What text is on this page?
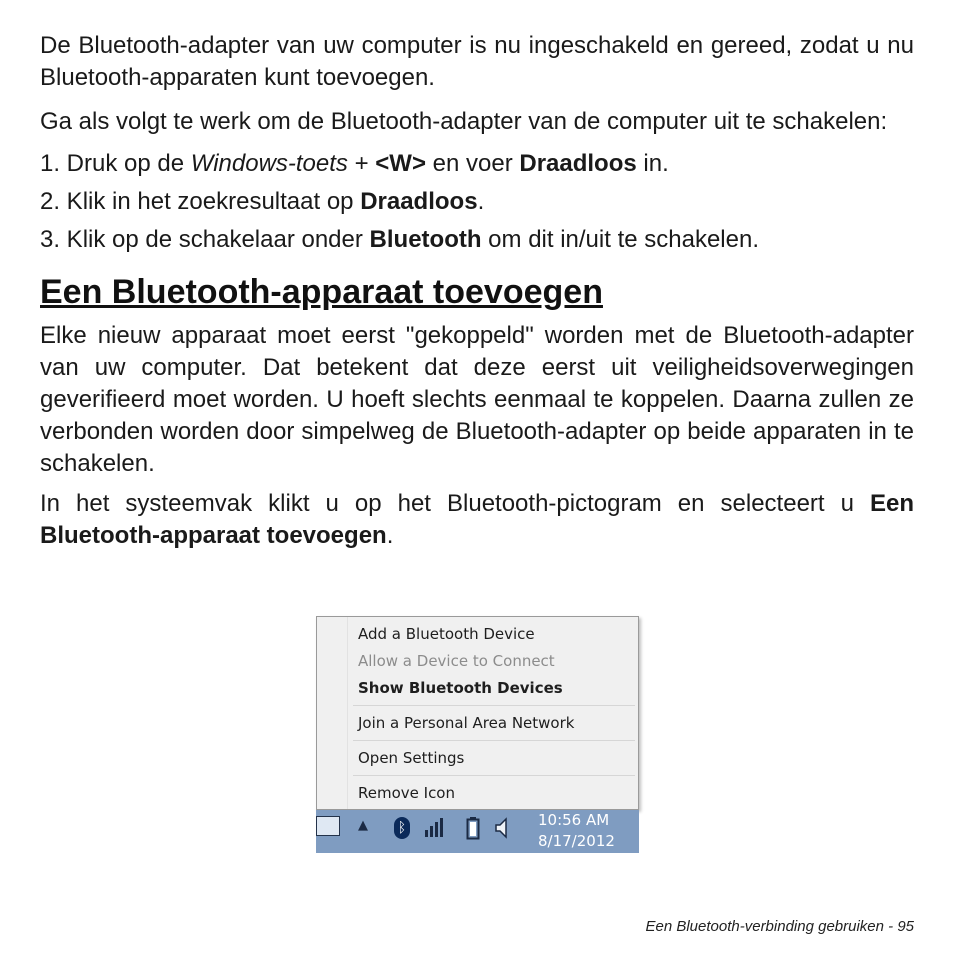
De Bluetooth-adapter van uw computer is nu ingeschakeld en gereed, zodat u nu Bluetooth-apparaten kunt toevoegen.

Ga als volgt te werk om de Bluetooth-adapter van de computer uit te schakelen:

1. Druk op de Windows-toets + <W> en voer Draadloos in.

2. Klik in het zoekresultaat op Draadloos.

3. Klik op de schakelaar onder Bluetooth om dit in/uit te schakelen.

Een Bluetooth-apparaat toevoegen

Elke nieuw apparaat moet eerst "gekoppeld" worden met de Bluetooth-adapter van uw computer. Dat betekent dat deze eerst uit veiligheidsoverwegingen geverifieerd moet worden. U hoeft slechts eenmaal te koppelen. Daarna zullen ze verbonden worden door simpelweg de Bluetooth-adapter op beide apparaten in te schakelen.

In het systeemvak klikt u op het Bluetooth-pictogram en selecteert u Een Bluetooth-apparaat toevoegen.

Add a Bluetooth Device
Allow a Device to Connect
Show Bluetooth Devices
Join a Personal Area Network
Open Settings
Remove Icon
▲ ᛒ	10:56 AM
8/17/2012
Een Bluetooth-verbinding gebruiken - 95
